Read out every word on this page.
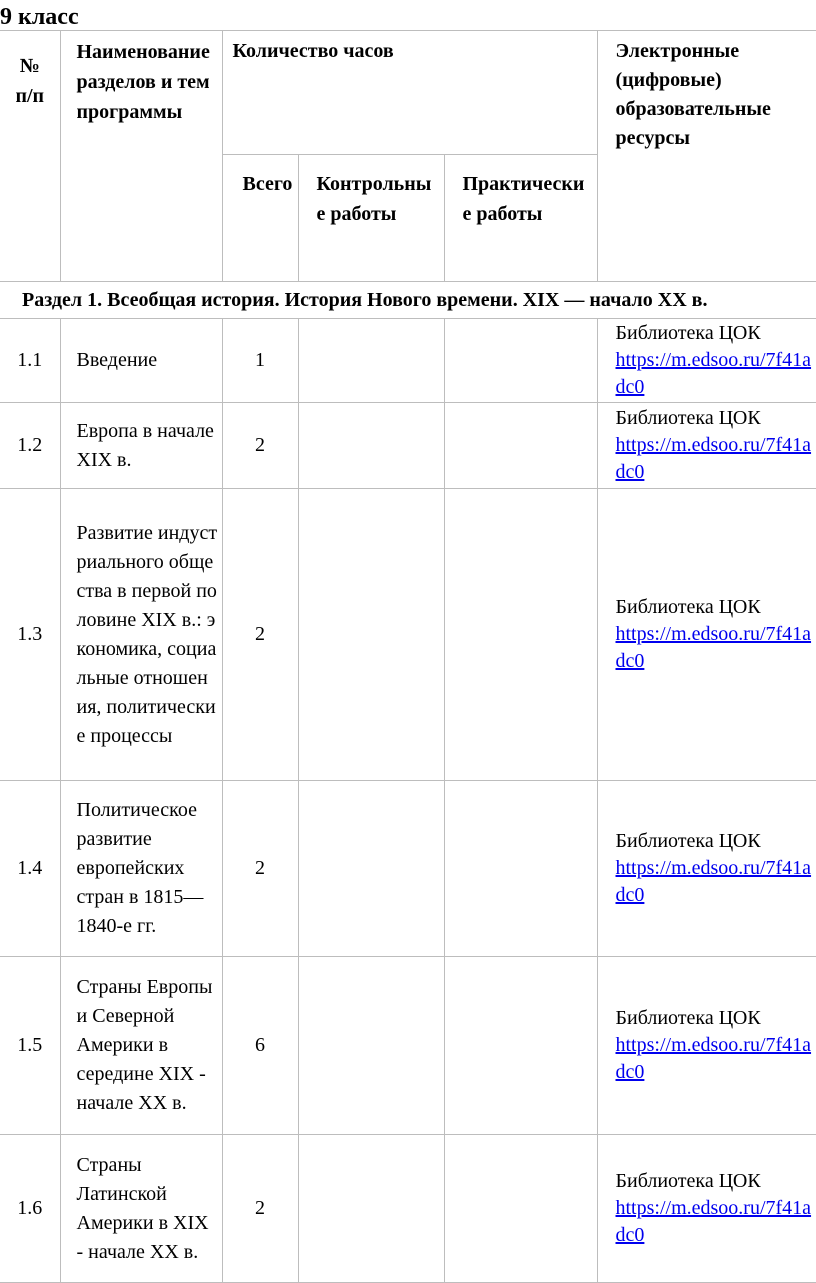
9 класс
№ п/п	Наименование разделов и тем программы	Количество часов			Электронные (цифровые) образовательные ресурсы
		Всего	Контрольные работы	Практические работы	
Раздел 1. Всеобщая история. История Нового времени. XIX — начало XX в.					
1.1	Введение	1			Библиотека ЦОК
https://m.edsoo.ru/7f41adc0

1.2	Европа в начале XIX в.	2			Библиотека ЦОК
https://m.edsoo.ru/7f41adc0

1.3	Развитие индустриального общества в первой половине XIX в.: экономика, социальные отношения, политические процессы	2			Библиотека ЦОК
https://m.edsoo.ru/7f41adc0

1.4	Политическое развитие европейских стран в 1815—1840-е гг.	2			Библиотека ЦОК
https://m.edsoo.ru/7f41adc0

1.5	Страны Европы и Северной Америки в середине XIX - начале XX в.	6			Библиотека ЦОК
https://m.edsoo.ru/7f41adc0

1.6	Страны Латинской Америки в XIX - начале XX в.	2			Библиотека ЦОК
https://m.edsoo.ru/7f41adc0
